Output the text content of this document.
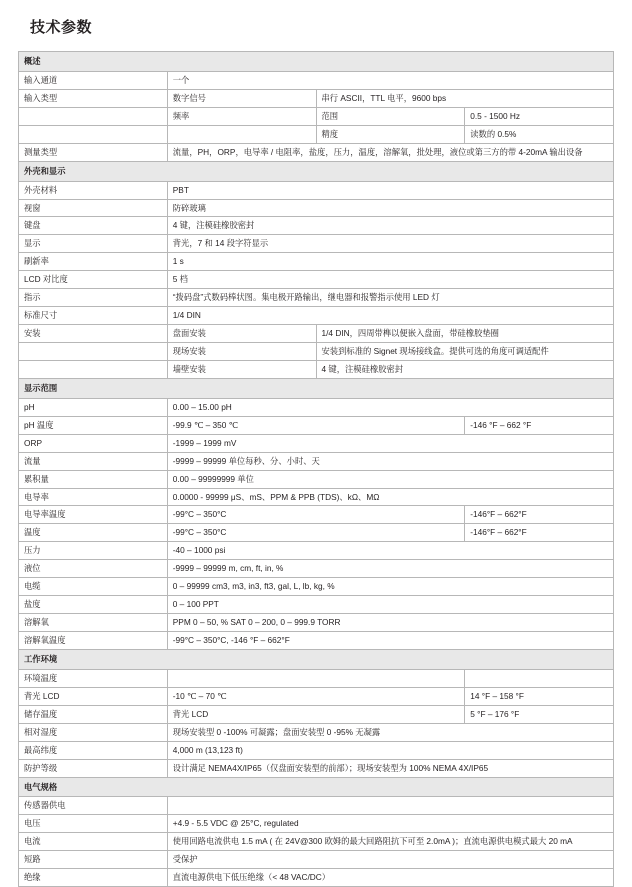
技术参数
概述			
输入通道	一个		
输入类型	数字信号	串行 ASCII，TTL 电平，9600 bps	
	频率	范围	0.5 - 1500 Hz
		精度	读数的 0.5%
测量类型	流量，PH，ORP，电导率 / 电阻率，盐度，压力，温度，溶解氧，批处理，液位或第三方的带 4-20mA 输出设备		
外壳和显示			
外壳材料	PBT		
视窗	防碎玻璃		
键盘	4 键，注模硅橡胶密封		
显示	背光，7 和 14 段字符显示		
刷新率	1 s		
LCD 对比度	5 档		
指示	“拨码盘”式数码棒状图。集电极开路输出，继电器和报警指示使用 LED 灯		
标准尺寸	1/4 DIN		
安装	盘面安装	1/4 DIN，四周带榫以便嵌入盘面，带硅橡胶垫圈	
	现场安装	安装到标准的 Signet 现场接线盒。提供可选的角度可调适配件	
	墙壁安装	4 键，注模硅橡胶密封	
显示范围			
pH	0.00 – 15.00 pH		
pH 温度	-99.9 ℃ – 350 ℃		-146 °F – 662 °F
ORP	-1999 – 1999 mV		
流量	-9999 – 99999 单位每秒、分、小时、天		
累积量	0.00 – 99999999 单位		
电导率	0.0000 - 99999 μS、mS、PPM & PPB (TDS)、kΩ、MΩ		
电导率温度	-99°C – 350°C		-146°F – 662°F
温度	-99°C – 350°C		-146°F – 662°F
压力	-40 – 1000 psi		
液位	-9999 – 99999 m, cm, ft, in, %		
电缆	0 – 99999 cm3, m3, in3, ft3, gal, L, lb, kg, %		
盐度	0 – 100 PPT		
溶解氧	PPM 0 – 50, % SAT 0 – 200, 0 – 999.9 TORR		
溶解氧温度	-99°C – 350°C, -146 °F – 662°F		
工作环境			
环境温度			
背光 LCD	-10 ℃ – 70 ℃		14 °F – 158 °F
储存温度	背光 LCD		5 °F – 176 °F
相对湿度	现场安装型 0 -100% 可凝露；盘面安装型 0 -95% 无凝露		
最高纬度	4,000 m (13,123 ft)		
防护等级	设计满足 NEMA4X/IP65（仅盘面安装型的前部）；现场安装型为 100% NEMA 4X/IP65		
电气规格			
传感器供电			
电压	+4.9 - 5.5 VDC @ 25°C, regulated		
电流	使用回路电流供电 1.5 mA ( 在 24V@300 欧姆的最大回路阻抗下可至 2.0mA )；直流电源供电模式最大 20 mA		
短路	受保护		
绝缘	直流电源供电下低压绝缘（< 48 VAC/DC）		
